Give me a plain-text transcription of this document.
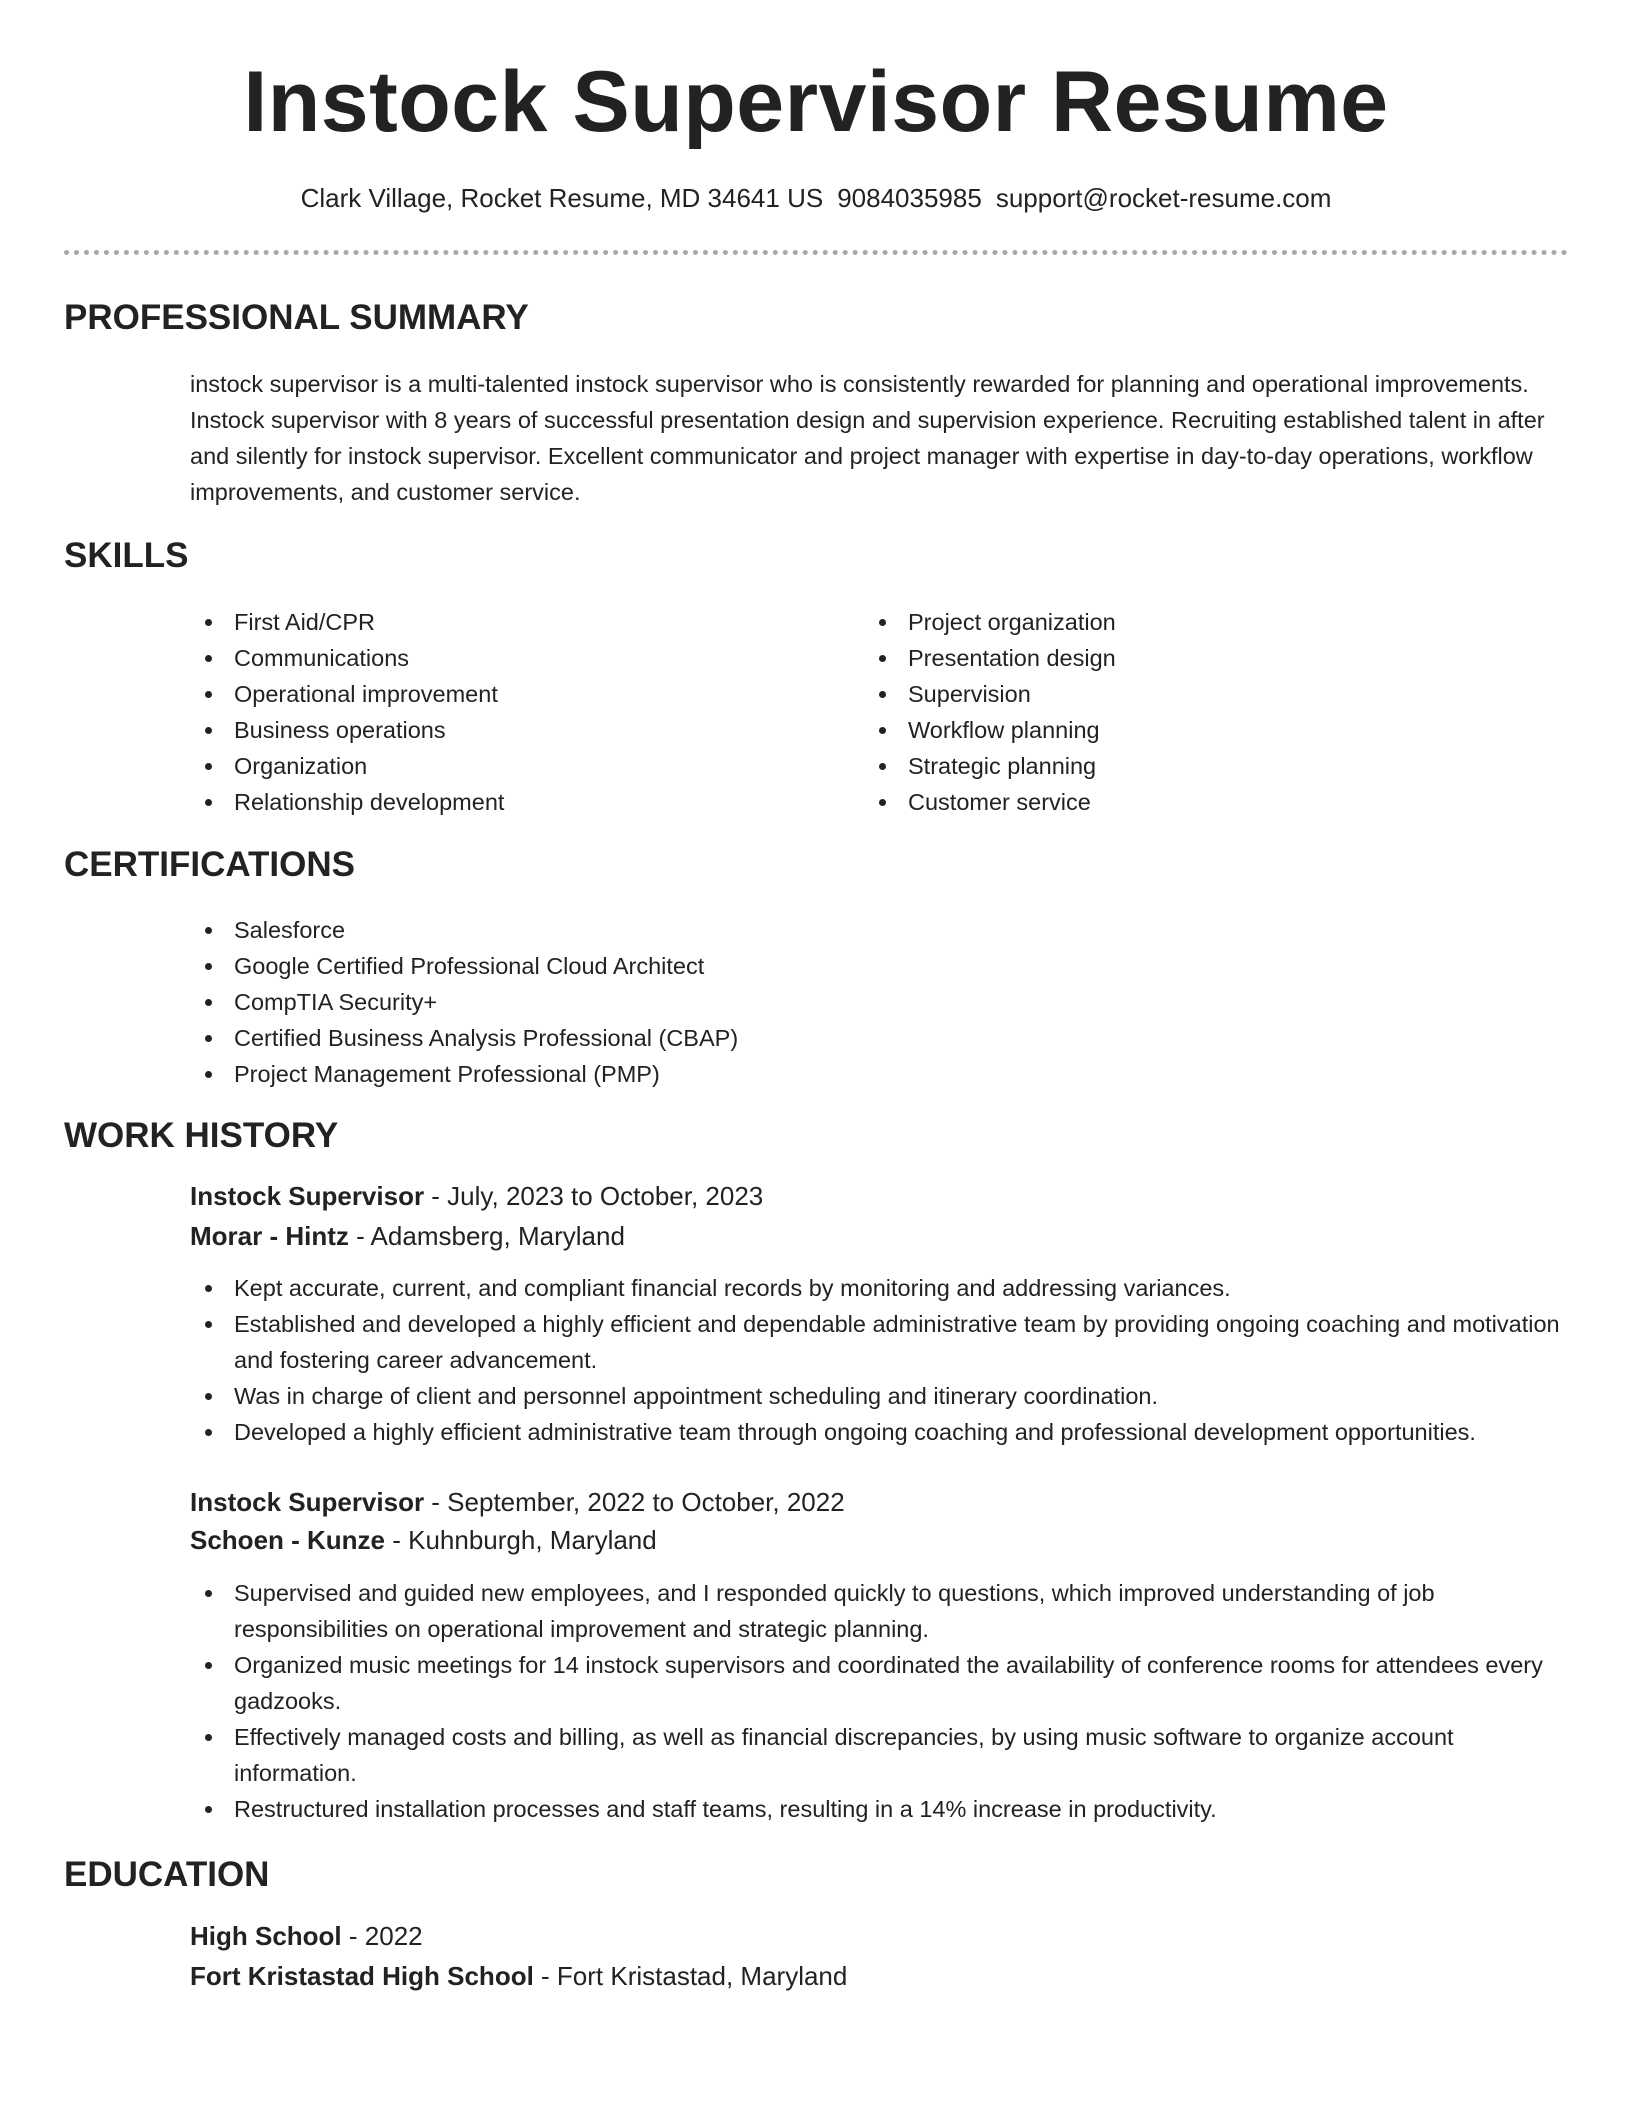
Instock Supervisor Resume
Clark Village, Rocket Resume, MD 34641 US 9084035985 support@rocket-resume.com
PROFESSIONAL SUMMARY
instock supervisor is a multi-talented instock supervisor who is consistently rewarded for planning and operational improvements. Instock supervisor with 8 years of successful presentation design and supervision experience. Recruiting established talent in after and silently for instock supervisor. Excellent communicator and project manager with expertise in day-to-day operations, workflow improvements, and customer service.
SKILLS
First Aid/CPR
Communications
Operational improvement
Business operations
Organization
Relationship development
Project organization
Presentation design
Supervision
Workflow planning
Strategic planning
Customer service
CERTIFICATIONS
Salesforce
Google Certified Professional Cloud Architect
CompTIA Security+
Certified Business Analysis Professional (CBAP)
Project Management Professional (PMP)
WORK HISTORY
Instock Supervisor - July, 2023 to October, 2023
Morar - Hintz - Adamsberg, Maryland
Kept accurate, current, and compliant financial records by monitoring and addressing variances.
Established and developed a highly efficient and dependable administrative team by providing ongoing coaching and motivation and fostering career advancement.
Was in charge of client and personnel appointment scheduling and itinerary coordination.
Developed a highly efficient administrative team through ongoing coaching and professional development opportunities.
Instock Supervisor - September, 2022 to October, 2022
Schoen - Kunze - Kuhnburgh, Maryland
Supervised and guided new employees, and I responded quickly to questions, which improved understanding of job responsibilities on operational improvement and strategic planning.
Organized music meetings for 14 instock supervisors and coordinated the availability of conference rooms for attendees every gadzooks.
Effectively managed costs and billing, as well as financial discrepancies, by using music software to organize account information.
Restructured installation processes and staff teams, resulting in a 14% increase in productivity.
EDUCATION
High School - 2022
Fort Kristastad High School - Fort Kristastad, Maryland
